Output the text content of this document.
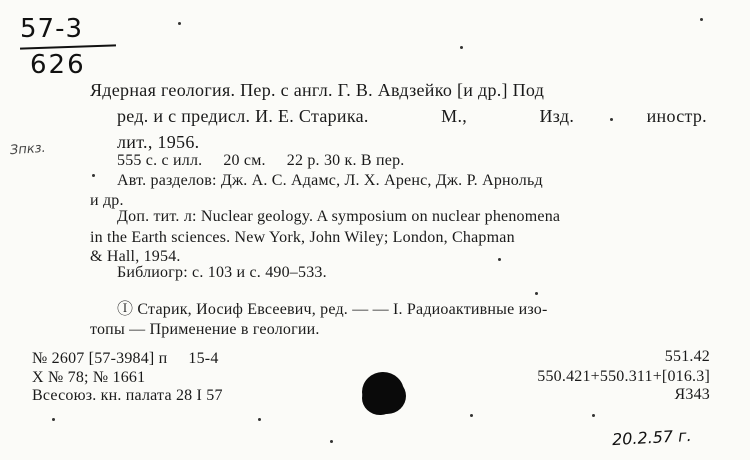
57-3
626
Зпкз.
Ядерная геология. Пер. с англ. Г. В. Авдзейко [и др.] Под
ред. и с предисл. И. Е. Старика.	М.,	Изд.	иностр.
лит., 1956.
555 с. с илл.     20 см.     22 р. 30 к. В пер.
Авт. разделов: Дж. А. С. Адамс, Л. Х. Аренс, Дж. Р. Арнольд
и др.
Доп. тит. л: Nuclear geology. A symposium on nuclear phenomena
in the Earth sciences. New York, John Wiley; London, Chapman
& Hall, 1954.
Библиогр: с. 103 и с. 490–533.
Ⓘ Старик, Иосиф Евсеевич, ред. — — I. Радиоактивные изо-
топы — Применение в геологии.
№ 2607 [57-3984] п     15-4
Х № 78; № 1661
Всесоюз. кн. палата 28 I 57
551.42
550.421+550.311+[016.3]
Я343
20.2.57 г.
